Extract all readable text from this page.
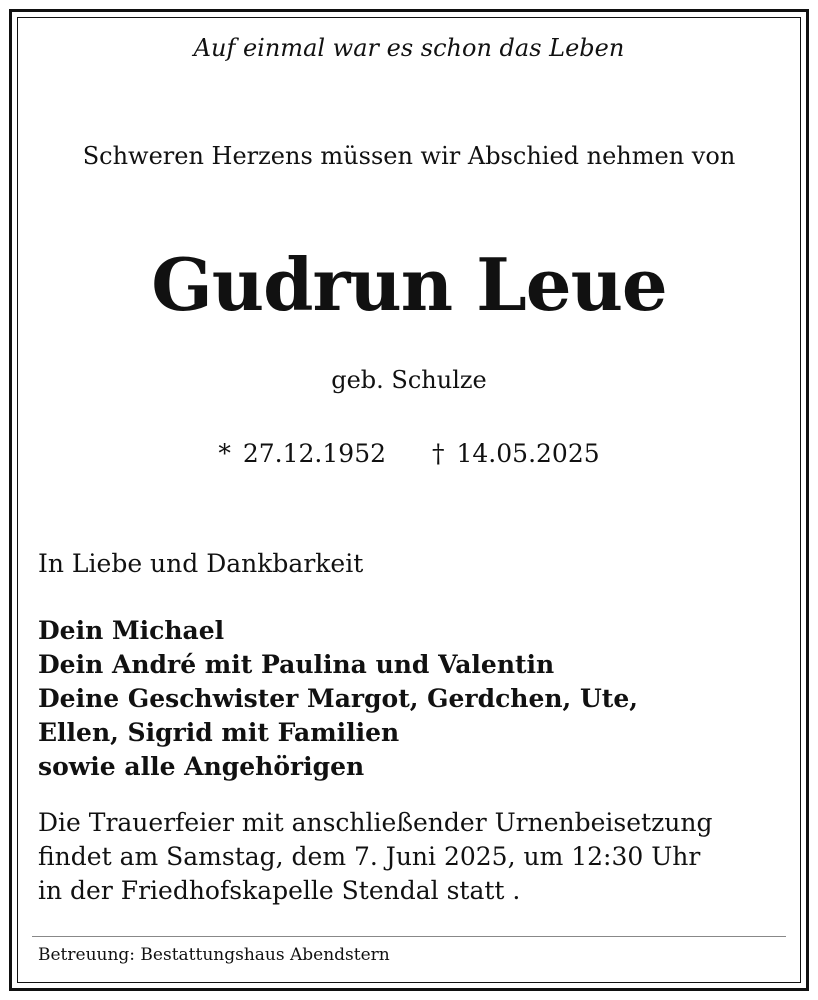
Auf einmal war es schon das Leben
Schweren Herzens müssen wir Abschied nehmen von
Gudrun Leue
geb. Schulze
* 27.12.1952 † 14.05.2025
In Liebe und Dankbarkeit
Dein Michael
Dein André mit Paulina und Valentin
Deine Geschwister Margot, Gerdchen, Ute,
Ellen, Sigrid mit Familien
sowie alle Angehörigen
Die Trauerfeier mit anschließender Urnenbeisetzung
findet am Samstag, dem 7. Juni 2025, um 12:30 Uhr
in der Friedhofskapelle Stendal statt .
Betreuung: Bestattungshaus Abendstern
